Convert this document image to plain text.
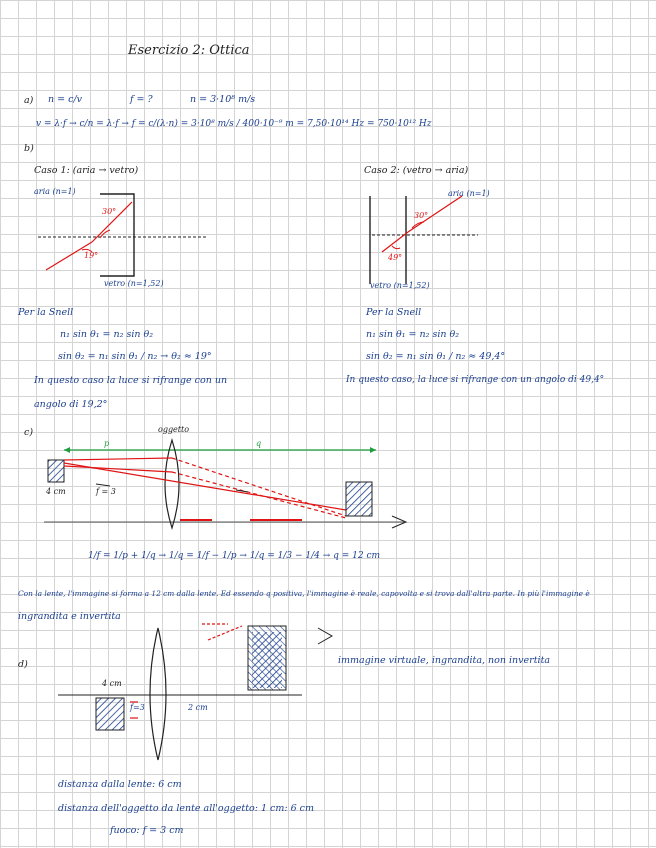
Esercizio 2: Ottica
a) n = c/v	f = ?	n = 3·10⁸ m/s
v = λ·f → c/n = λ·f → f = c/(λ·n) = 3·10⁸ m/s / 400·10⁻⁹ m = 7,50·10¹⁴ Hz = 750·10¹² Hz
b)
Caso 1: (aria → vetro)	Caso 2: (vetro → aria)
aria (n=1)
30°
19°
vetro (n=1,52)
aria (n=1)
30°
49°
vetro (n=1,52)
Per la Snell
n₁ sin θ₁ = n₂ sin θ₂
sin θ₂ = n₁ sin θ₁ / n₂ → θ₂ ≈ 19°
In questo caso la luce si rifrange con un
angolo di 19,2°
Per la Snell
n₁ sin θ₁ = n₂ sin θ₂
sin θ₂ = n₁ sin θ₁ / n₂ ≈ 49,4°
In questo caso, la luce si rifrange con un angolo di 49,4°
c)	oggetto
p	q
4 cm	f = 3
1/f = 1/p + 1/q → 1/q = 1/f − 1/p → 1/q = 1/3 − 1/4 → q = 12 cm
Con la lente, l'immagine si forma a 12 cm dalla lente. Ed essendo q positiva, l'immagine è reale, capovolta e si trova dall'altra parte. In più l'immagine è
ingrandita e invertita
d)
4 cm
f=3	2 cm
immagine virtuale, ingrandita, non invertita
distanza dalla lente: 6 cm
distanza dell'oggetto da lente all'oggetto: 1 cm: 6 cm
fuoco: f = 3 cm
